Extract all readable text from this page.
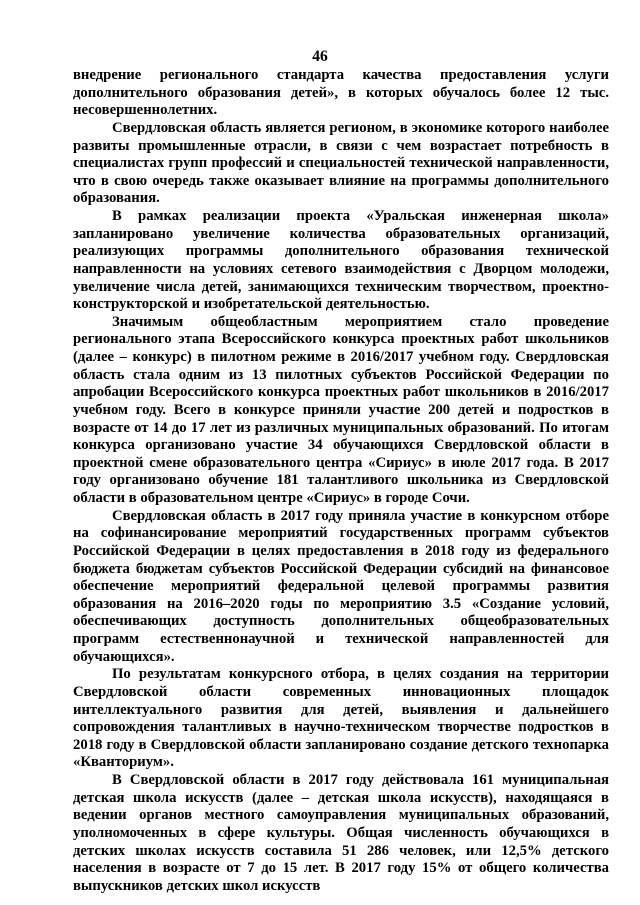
46

внедрение регионального стандарта качества предоставления услуги дополнительного образования детей», в которых обучалось более 12 тыс. несовершеннолетних.

Свердловская область является регионом, в экономике которого наиболее развиты промышленные отрасли, в связи с чем возрастает потребность в специалистах групп профессий и специальностей технической направленности, что в свою очередь также оказывает влияние на программы дополнительного образования.

В рамках реализации проекта «Уральская инженерная школа» запланировано увеличение количества образовательных организаций, реализующих программы дополнительного образования технической направленности на условиях сетевого взаимодействия с Дворцом молодежи, увеличение числа детей, занимающихся техническим творчеством, проектно-конструкторской и изобретательской деятельностью.

Значимым общеобластным мероприятием стало проведение регионального этапа Всероссийского конкурса проектных работ школьников (далее – конкурс) в пилотном режиме в 2016/2017 учебном году. Свердловская область стала одним из 13 пилотных субъектов Российской Федерации по апробации Всероссийского конкурса проектных работ школьников в 2016/2017 учебном году. Всего в конкурсе приняли участие 200 детей и подростков в возрасте от 14 до 17 лет из различных муниципальных образований. По итогам конкурса организовано участие 34 обучающихся Свердловской области в проектной смене образовательного центра «Сириус» в июле 2017 года. В 2017 году организовано обучение 181 талантливого школьника из Свердловской области в образовательном центре «Сириус» в городе Сочи.

Свердловская область в 2017 году приняла участие в конкурсном отборе на софинансирование мероприятий государственных программ субъектов Российской Федерации в целях предоставления в 2018 году из федерального бюджета бюджетам субъектов Российской Федерации субсидий на финансовое обеспечение мероприятий федеральной целевой программы развития образования на 2016–2020 годы по мероприятию 3.5 «Создание условий, обеспечивающих доступность дополнительных общеобразовательных программ естественнонаучной и технической направленностей для обучающихся».

По результатам конкурсного отбора, в целях создания на территории Свердловской области современных инновационных площадок интеллектуального развития для детей, выявления и дальнейшего сопровождения талантливых в научно-техническом творчестве подростков в 2018 году в Свердловской области запланировано создание детского технопарка «Кванториум».

В Свердловской области в 2017 году действовала 161 муниципальная детская школа искусств (далее – детская школа искусств), находящаяся в ведении органов местного самоуправления муниципальных образований, уполномоченных в сфере культуры. Общая численность обучающихся в детских школах искусств составила 51 286 человек, или 12,5% детского населения в возрасте от 7 до 15 лет. В 2017 году 15% от общего количества выпускников детских школ искусств
